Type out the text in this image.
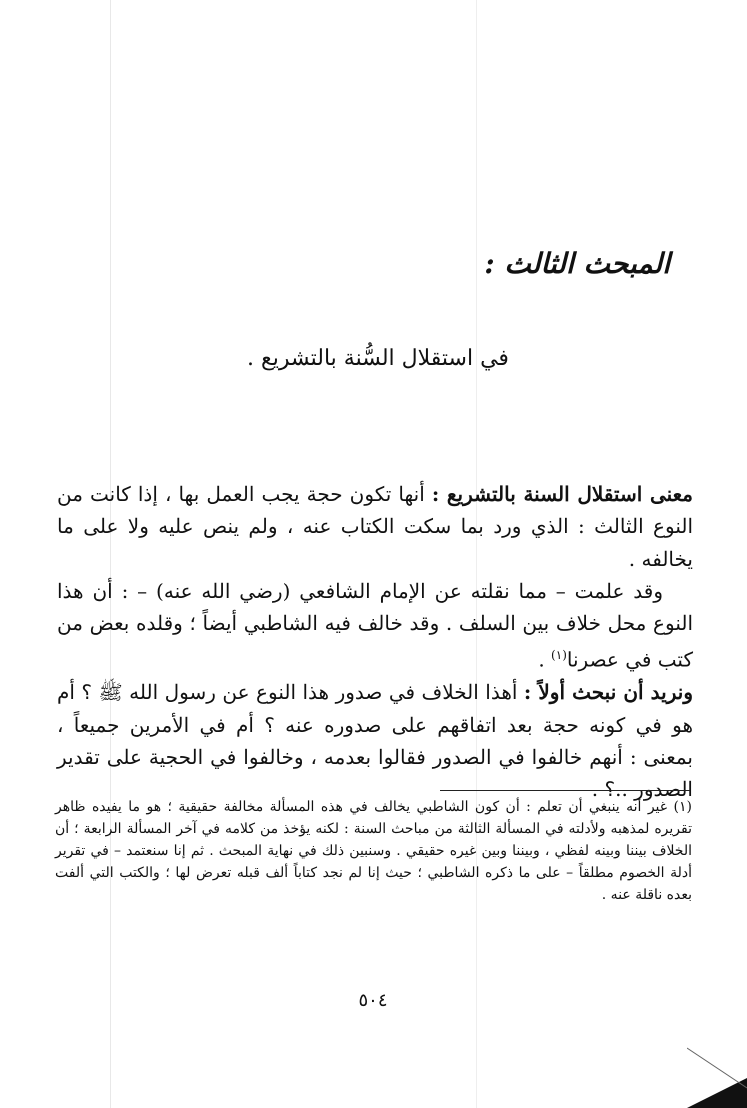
المبحث الثالث :
في استقلال السُّنة بالتشريع .

معنى استقلال السنة بالتشريع : أنها تكون حجة يجب العمل بها ، إذا كانت من النوع الثالث : الذي ورد بما سكت الكتاب عنه ، ولم ينص عليه ولا على ما يخالفه .

وقد علمت – مما نقلته عن الإمام الشافعي (رضي الله عنه) – : أن هذا النوع محل خلاف بين السلف . وقد خالف فيه الشاطبي أيضاً ؛ وقلده بعض من كتب في عصرنا$^{(١)}$ .

ونريد أن نبحث أولاً : أهذا الخلاف في صدور هذا النوع عن رسول الله ﷺ ؟ أم هو في كونه حجة بعد اتفاقهم على صدوره عنه ؟ أم في الأمرين جميعاً ، بمعنى : أنهم خالفوا في الصدور فقالوا بعدمه ، وخالفوا في الحجية على تقدير الصدور ..؟ .

(١) غير أنه ينبغي أن تعلم : أن كون الشاطبي يخالف في هذه المسألة مخالفة حقيقية ؛ هو ما يفيده ظاهر تقريره لمذهبه ولأدلته في المسألة الثالثة من مباحث السنة : لكنه يؤخذ من كلامه في آخر المسألة الرابعة ؛ أن الخلاف بيننا وبينه لفظي ، وبيننا وبين غيره حقيقي . وسنبين ذلك في نهاية المبحث . ثم إنا سنعتمد – في تقرير أدلة الخصوم مطلقاً – على ما ذكره الشاطبي ؛ حيث إنا لم نجد كتاباً ألف قبله تعرض لها ؛ والكتب التي ألفت بعده ناقلة عنه .

٥٠٤
